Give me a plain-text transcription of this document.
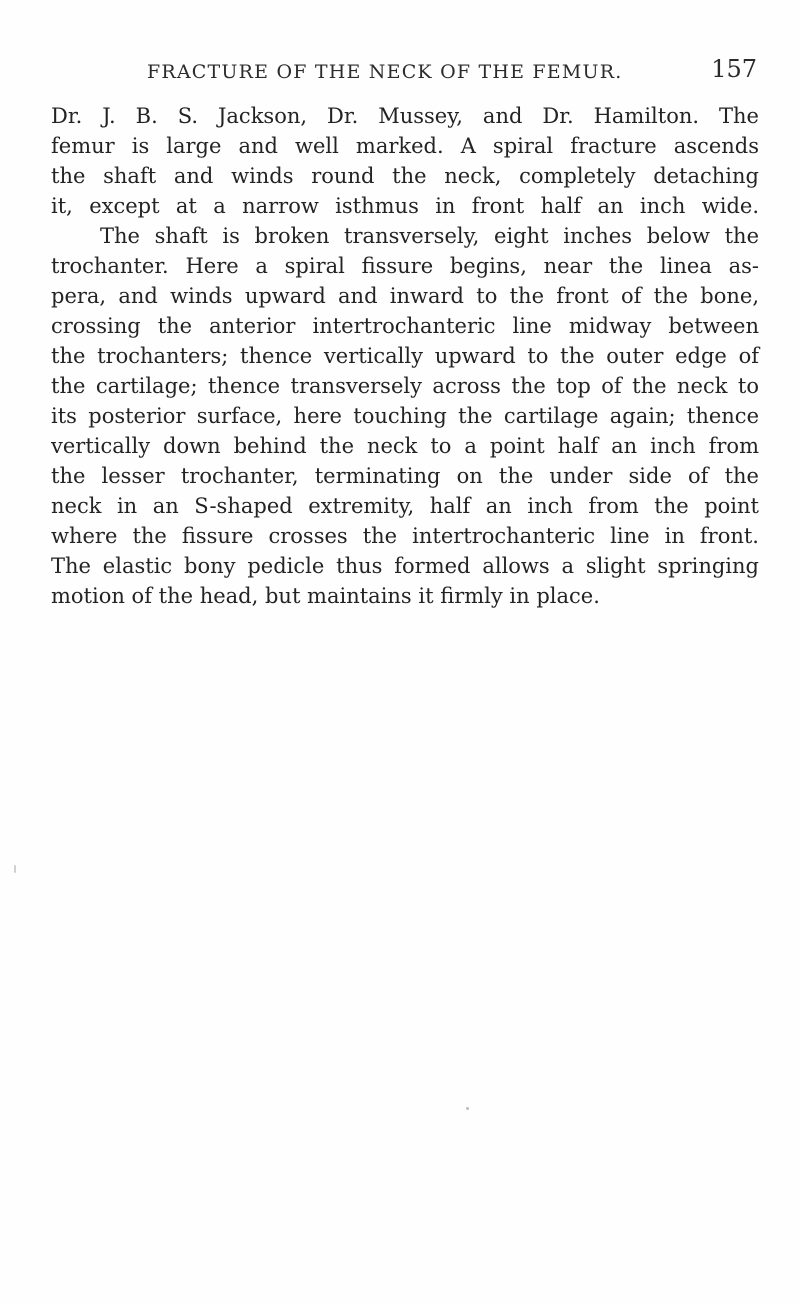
FRACTURE OF THE NECK OF THE FEMUR.	157
Dr. J. B. S. Jackson, Dr. Mussey, and Dr. Hamilton. The
femur is large and well marked. A spiral fracture ascends
the shaft and winds round the neck, completely detaching
it, except at a narrow isthmus in front half an inch wide.
The shaft is broken transversely, eight inches below the
trochanter. Here a spiral fissure begins, near the linea as-
pera, and winds upward and inward to the front of the bone,
crossing the anterior intertrochanteric line midway between
the trochanters; thence vertically upward to the outer edge of
the cartilage; thence transversely across the top of the neck to
its posterior surface, here touching the cartilage again; thence
vertically down behind the neck to a point half an inch from
the lesser trochanter, terminating on the under side of the
neck in an S-shaped extremity, half an inch from the point
where the fissure crosses the intertrochanteric line in front.
The elastic bony pedicle thus formed allows a slight springing
motion of the head, but maintains it firmly in place.
